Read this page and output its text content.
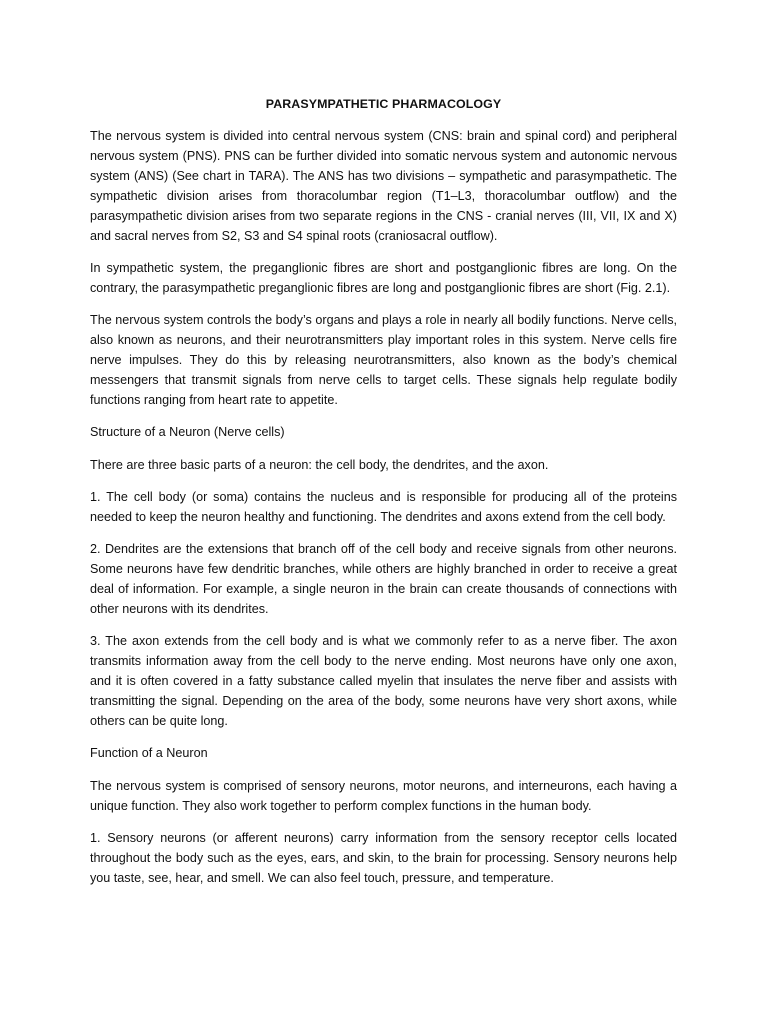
PARASYMPATHETIC PHARMACOLOGY

The nervous system is divided into central nervous system (CNS: brain and spinal cord) and peripheral nervous system (PNS). PNS can be further divided into somatic nervous system and autonomic nervous system (ANS) (See chart in TARA). The ANS has two divisions – sympathetic and parasympathetic. The sympathetic division arises from thoracolumbar region (T1–L3, thoracolumbar outflow) and the parasympathetic division arises from two separate regions in the CNS - cranial nerves (III, VII, IX and X) and sacral nerves from S2, S3 and S4 spinal roots (craniosacral outflow).

In sympathetic system, the preganglionic fibres are short and postganglionic fibres are long. On the contrary, the parasympathetic preganglionic fibres are long and postganglionic fibres are short (Fig. 2.1).

The nervous system controls the body’s organs and plays a role in nearly all bodily functions. Nerve cells, also known as neurons, and their neurotransmitters play important roles in this system. Nerve cells fire nerve impulses. They do this by releasing neurotransmitters, also known as the body’s chemical messengers that transmit signals from nerve cells to target cells. These signals help regulate bodily functions ranging from heart rate to appetite.

Structure of a Neuron (Nerve cells)

There are three basic parts of a neuron: the cell body, the dendrites, and the axon.

1. The cell body (or soma) contains the nucleus and is responsible for producing all of the proteins needed to keep the neuron healthy and functioning. The dendrites and axons extend from the cell body.

2. Dendrites are the extensions that branch off of the cell body and receive signals from other neurons. Some neurons have few dendritic branches, while others are highly branched in order to receive a great deal of information. For example, a single neuron in the brain can create thousands of connections with other neurons with its dendrites.

3. The axon extends from the cell body and is what we commonly refer to as a nerve fiber. The axon transmits information away from the cell body to the nerve ending. Most neurons have only one axon, and it is often covered in a fatty substance called myelin that insulates the nerve fiber and assists with transmitting the signal. Depending on the area of the body, some neurons have very short axons, while others can be quite long.

Function of a Neuron

The nervous system is comprised of sensory neurons, motor neurons, and interneurons, each having a unique function. They also work together to perform complex functions in the human body.

1. Sensory neurons (or afferent neurons) carry information from the sensory receptor cells located throughout the body such as the eyes, ears, and skin, to the brain for processing. Sensory neurons help you taste, see, hear, and smell. We can also feel touch, pressure, and temperature.
